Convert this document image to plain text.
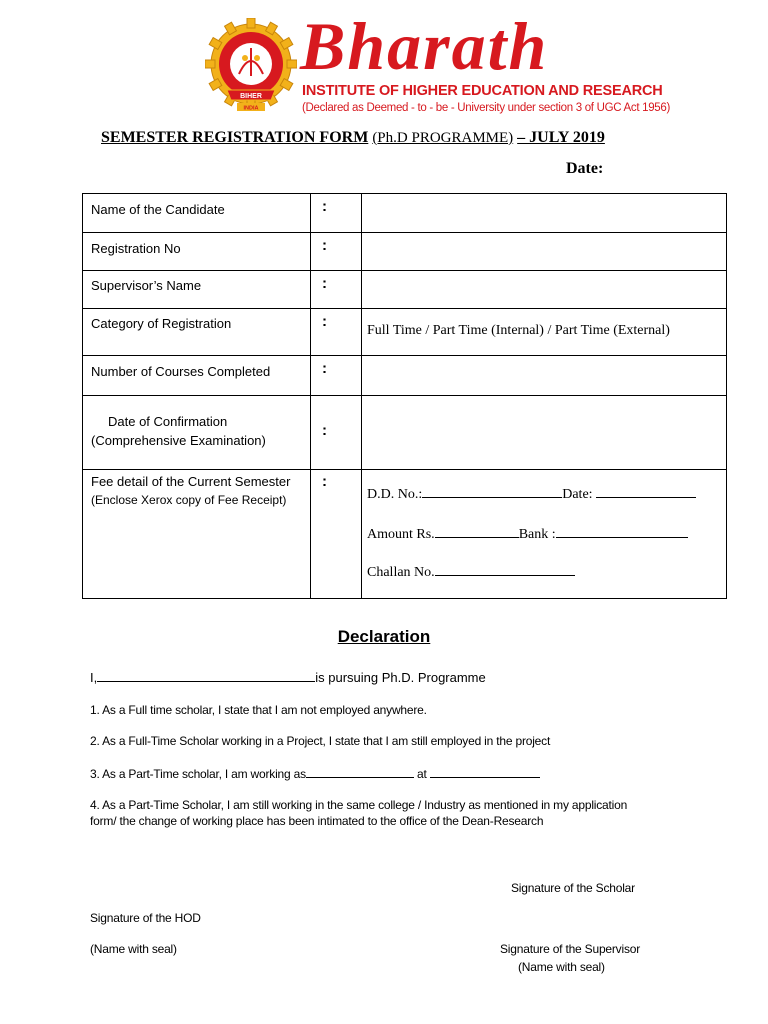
BIHER
INDIA
Bharath
INSTITUTE OF HIGHER EDUCATION AND RESEARCH
(Declared as Deemed - to - be - University under section 3 of UGC Act 1956)
SEMESTER REGISTRATION FORM (Ph.D PROGRAMME) – JULY 2019
Date:
Name of the Candidate	:
Registration No	:
Supervisor’s Name	:
Category of Registration	:
Full Time / Part Time (Internal) / Part Time (External)
Number of Courses Completed	:
Date of Confirmation
(Comprehensive Examination)
:
Fee detail of the Current Semester
(Enclose Xerox copy of Fee Receipt)
:
D.D. No.:	Date:
Amount Rs.	Bank :
Challan No.
Declaration
I,	is pursuing Ph.D. Programme
1. As a Full time scholar, I state that I am not employed anywhere.
2. As a Full-Time Scholar working in a Project, I state that I am still employed in the project
3. As a Part-Time scholar, I am working as	at
4. As a Part-Time Scholar, I am still working in the same college / Industry as mentioned in my application
form/ the change of working place has been intimated to the office of the Dean-Research
Signature of the Scholar
Signature of the HOD
(Name with seal)	Signature of the Supervisor
(Name with seal)
